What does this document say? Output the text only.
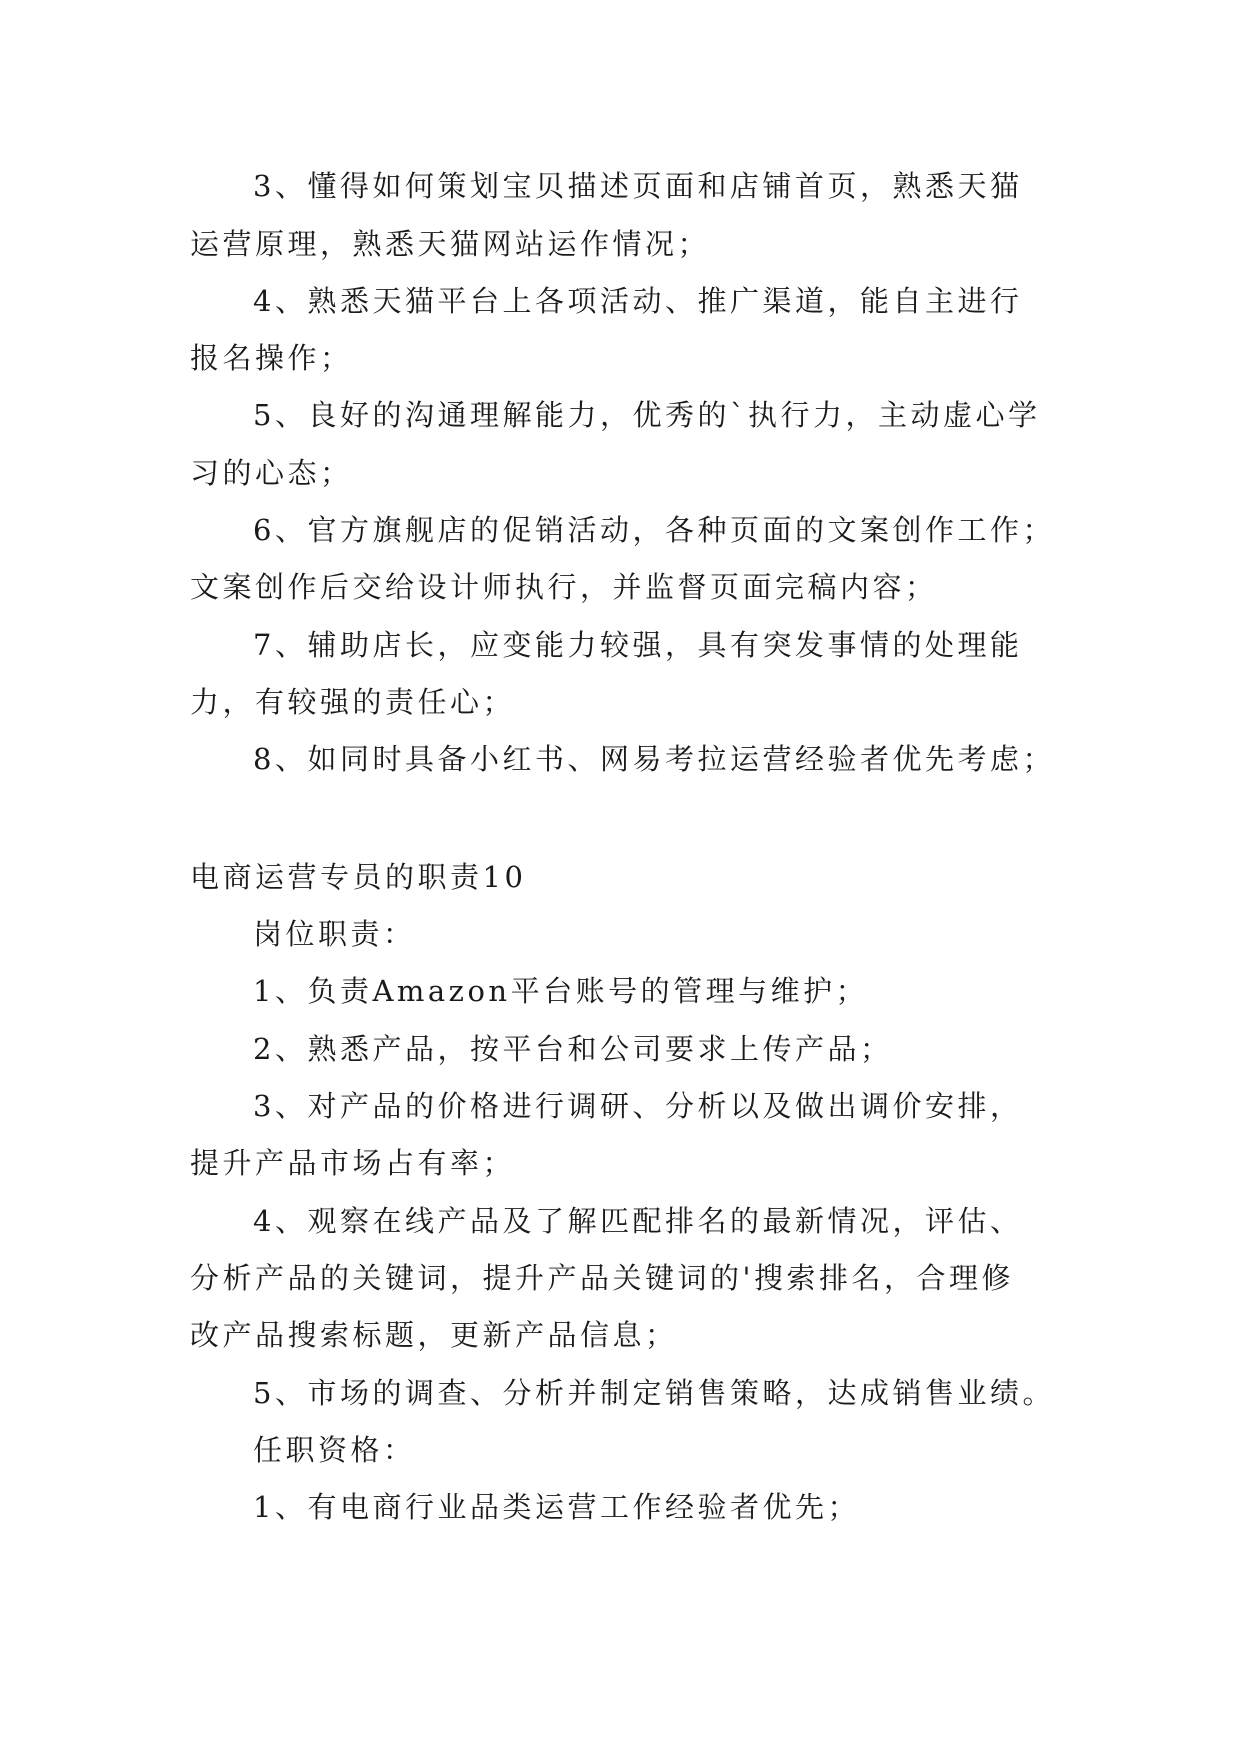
3、懂得如何策划宝贝描述页面和店铺首页，熟悉天猫
运营原理，熟悉天猫网站运作情况；
4、熟悉天猫平台上各项活动、推广渠道，能自主进行
报名操作；
5、良好的沟通理解能力，优秀的`执行力，主动虚心学
习的心态；
6、官方旗舰店的促销活动，各种页面的文案创作工作；
文案创作后交给设计师执行，并监督页面完稿内容；
7、辅助店长，应变能力较强，具有突发事情的处理能
力，有较强的责任心；
8、如同时具备小红书、网易考拉运营经验者优先考虑；
电商运营专员的职责10
岗位职责：
1、负责Amazon平台账号的管理与维护；
2、熟悉产品，按平台和公司要求上传产品；
3、对产品的价格进行调研、分析以及做出调价安排，
提升产品市场占有率；
4、观察在线产品及了解匹配排名的最新情况，评估、
分析产品的关键词，提升产品关键词的'搜索排名，合理修
改产品搜索标题，更新产品信息；
5、市场的调查、分析并制定销售策略，达成销售业绩。
任职资格：
1、有电商行业品类运营工作经验者优先；
